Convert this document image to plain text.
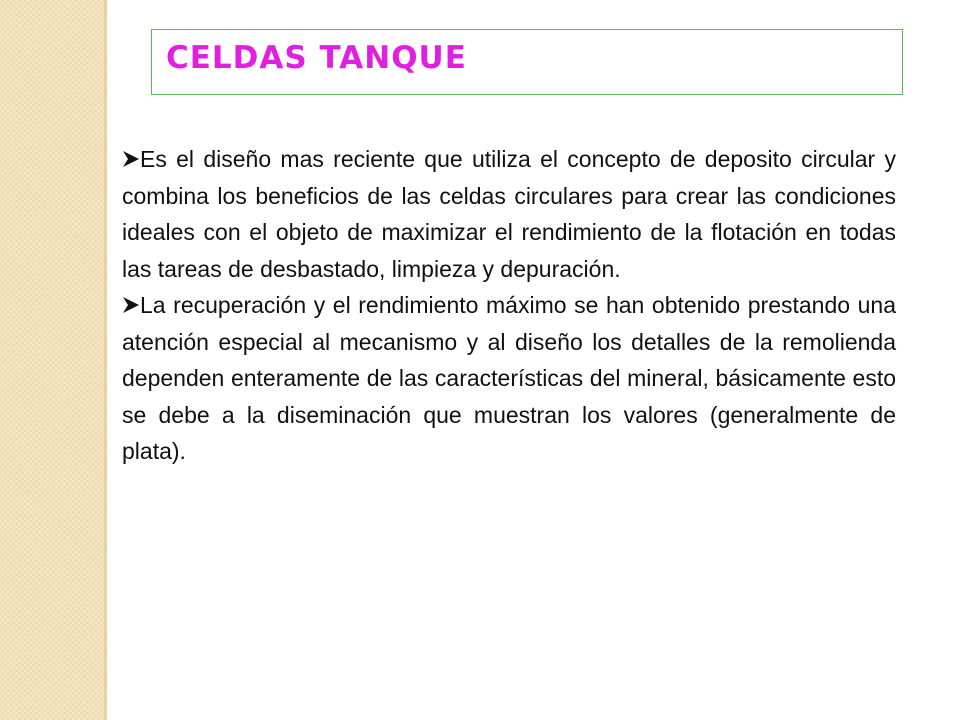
CELDAS TANQUE

Es el diseño mas reciente que utiliza el concepto de deposito circular y combina los beneficios de las celdas circulares para crear las condiciones ideales con el objeto de maximizar el rendimiento de la flotación en todas las tareas de desbastado, limpieza y depuración.

La recuperación y el rendimiento máximo se han obtenido prestando una atención especial al mecanismo y al diseño los detalles de la remolienda dependen enteramente de las características del mineral, básicamente esto se debe a la diseminación que muestran los valores (generalmente de plata).
